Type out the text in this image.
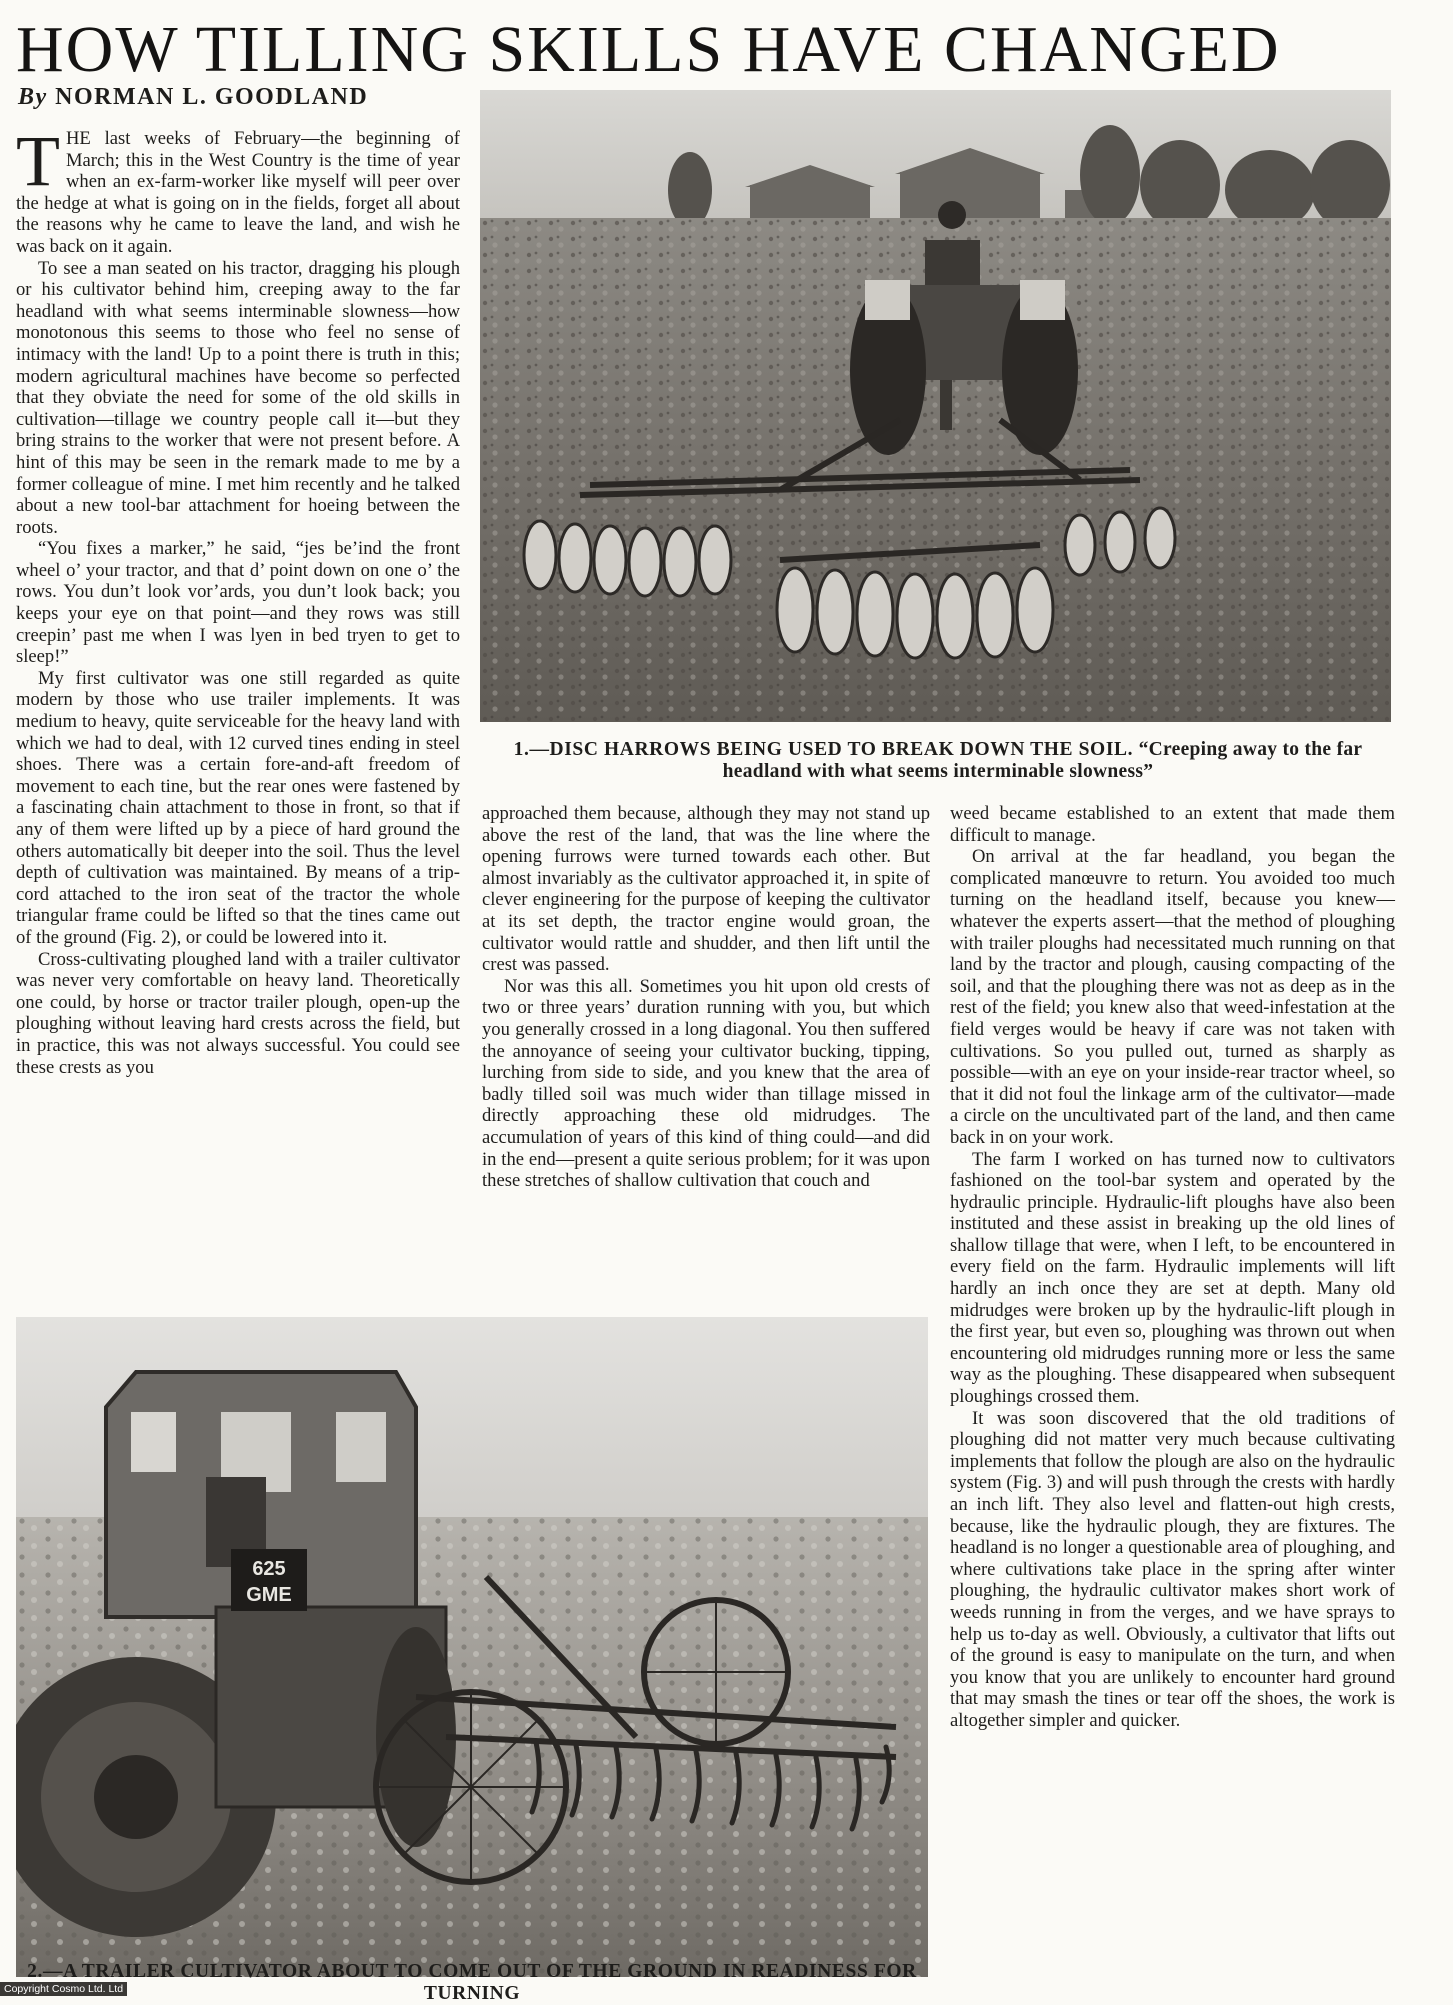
HOW TILLING SKILLS HAVE CHANGED
By NORMAN L. GOODLAND
1.—DISC HARROWS BEING USED TO BREAK DOWN THE SOIL. “Creeping away to the far headland with what seems interminable slowness”

THE last weeks of February—the beginning of March; this in the West Country is the time of year when an ex-farm-worker like myself will peer over the hedge at what is going on in the fields, forget all about the reasons why he came to leave the land, and wish he was back on it again.

To see a man seated on his tractor, dragging his plough or his cultivator behind him, creeping away to the far headland with what seems interminable slowness—how monotonous this seems to those who feel no sense of intimacy with the land! Up to a point there is truth in this; modern agricultural machines have become so perfected that they obviate the need for some of the old skills in cultivation—tillage we country people call it—but they bring strains to the worker that were not present before. A hint of this may be seen in the remark made to me by a former colleague of mine. I met him recently and he talked about a new tool-bar attachment for hoeing between the roots.

“You fixes a marker,” he said, “jes be’ind the front wheel o’ your tractor, and that d’ point down on one o’ the rows. You dun’t look vor’ards, you dun’t look back; you keeps your eye on that point—and they rows was still creepin’ past me when I was lyen in bed tryen to get to sleep!”

My first cultivator was one still regarded as quite modern by those who use trailer implements. It was medium to heavy, quite serviceable for the heavy land with which we had to deal, with 12 curved tines ending in steel shoes. There was a certain fore-and-aft freedom of movement to each tine, but the rear ones were fastened by a fascinating chain attachment to those in front, so that if any of them were lifted up by a piece of hard ground the others automatically bit deeper into the soil. Thus the level depth of cultivation was maintained. By means of a trip-cord attached to the iron seat of the tractor the whole triangular frame could be lifted so that the tines came out of the ground (Fig. 2), or could be lowered into it.

Cross-cultivating ploughed land with a trailer cultivator was never very comfortable on heavy land. Theoretically one could, by horse or tractor trailer plough, open-up the ploughing without leaving hard crests across the field, but in practice, this was not always successful. You could see these crests as you

approached them because, although they may not stand up above the rest of the land, that was the line where the opening furrows were turned towards each other. But almost invariably as the cultivator approached it, in spite of clever engineering for the purpose of keeping the cultivator at its set depth, the tractor engine would groan, the cultivator would rattle and shudder, and then lift until the crest was passed.

Nor was this all. Sometimes you hit upon old crests of two or three years’ duration running with you, but which you generally crossed in a long diagonal. You then suffered the annoyance of seeing your cultivator bucking, tipping, lurching from side to side, and you knew that the area of badly tilled soil was much wider than tillage missed in directly approaching these old midrudges. The accumulation of years of this kind of thing could—and did in the end—present a quite serious problem; for it was upon these stretches of shallow cultivation that couch and

weed became established to an extent that made them difficult to manage.

On arrival at the far headland, you began the complicated manœuvre to return. You avoided too much turning on the headland itself, because you knew—whatever the experts assert—that the method of ploughing with trailer ploughs had necessitated much running on that land by the tractor and plough, causing compacting of the soil, and that the ploughing there was not as deep as in the rest of the field; you knew also that weed-infestation at the field verges would be heavy if care was not taken with cultivations. So you pulled out, turned as sharply as possible—with an eye on your inside-rear tractor wheel, so that it did not foul the linkage arm of the cultivator—made a circle on the uncultivated part of the land, and then came back in on your work.

The farm I worked on has turned now to cultivators fashioned on the tool-bar system and operated by the hydraulic principle. Hydraulic-lift ploughs have also been instituted and these assist in breaking up the old lines of shallow tillage that were, when I left, to be encountered in every field on the farm. Hydraulic implements will lift hardly an inch once they are set at depth. Many old midrudges were broken up by the hydraulic-lift plough in the first year, but even so, ploughing was thrown out when encountering old midrudges running more or less the same way as the ploughing. These disappeared when subsequent ploughings crossed them.

It was soon discovered that the old traditions of ploughing did not matter very much because cultivating implements that follow the plough are also on the hydraulic system (Fig. 3) and will push through the crests with hardly an inch lift. They also level and flatten-out high crests, because, like the hydraulic plough, they are fixtures. The headland is no longer a questionable area of ploughing, and where cultivations take place in the spring after winter ploughing, the hydraulic cultivator makes short work of weeds running in from the verges, and we have sprays to help us to-day as well. Obviously, a cultivator that lifts out of the ground is easy to manipulate on the turn, and when you know that you are unlikely to encounter hard ground that may smash the tines or tear off the shoes, the work is altogether simpler and quicker.

625
GME
2.—A TRAILER CULTIVATOR ABOUT TO COME OUT OF THE GROUND IN READINESS FOR TURNING
Copyright Cosmo Ltd. Ltd
